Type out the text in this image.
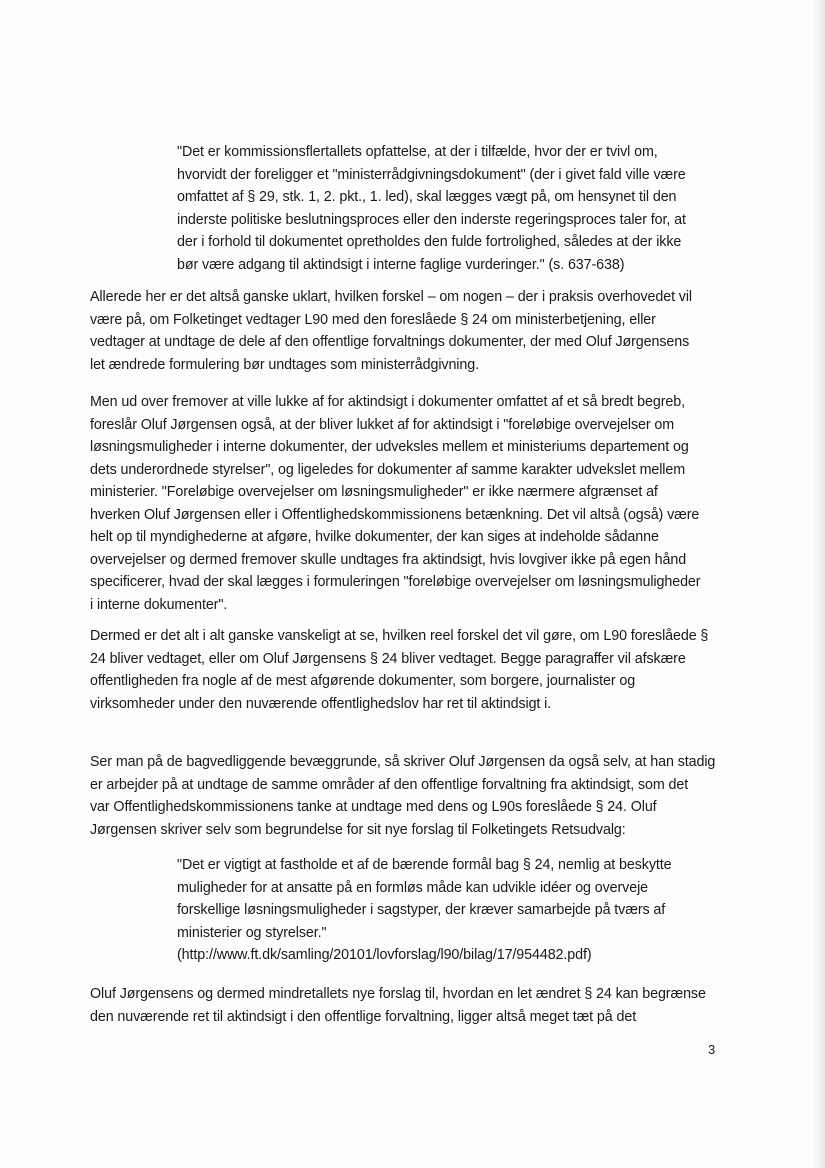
"Det er kommissionsflertallets opfattelse, at der i tilfælde, hvor der er tvivl om,
hvorvidt der foreligger et "ministerrådgivningsdokument" (der i givet fald ville være
omfattet af § 29, stk. 1, 2. pkt., 1. led), skal lægges vægt på, om hensynet til den
inderste politiske beslutningsproces eller den inderste regeringsproces taler for, at
der i forhold til dokumentet opretholdes den fulde fortrolighed, således at der ikke
bør være adgang til aktindsigt i interne faglige vurderinger." (s. 637-638)

Allerede her er det altså ganske uklart, hvilken forskel – om nogen – der i praksis overhovedet vil
være på, om Folketinget vedtager L90 med den foreslåede § 24 om ministerbetjening, eller
vedtager at undtage de dele af den offentlige forvaltnings dokumenter, der med Oluf Jørgensens
let ændrede formulering bør undtages som ministerrådgivning.

Men ud over fremover at ville lukke af for aktindsigt i dokumenter omfattet af et så bredt begreb,
foreslår Oluf Jørgensen også, at der bliver lukket af for aktindsigt i "foreløbige overvejelser om
løsningsmuligheder i interne dokumenter, der udveksles mellem et ministeriums departement og
dets underordnede styrelser", og ligeledes for dokumenter af samme karakter udvekslet mellem
ministerier. "Foreløbige overvejelser om løsningsmuligheder" er ikke nærmere afgrænset af
hverken Oluf Jørgensen eller i Offentlighedskommissionens betænkning. Det vil altså (også) være
helt op til myndighederne at afgøre, hvilke dokumenter, der kan siges at indeholde sådanne
overvejelser og dermed fremover skulle undtages fra aktindsigt, hvis lovgiver ikke på egen hånd
specificerer, hvad der skal lægges i formuleringen "foreløbige overvejelser om løsningsmuligheder
i interne dokumenter".

Dermed er det alt i alt ganske vanskeligt at se, hvilken reel forskel det vil gøre, om L90 foreslåede §
24 bliver vedtaget, eller om Oluf Jørgensens § 24 bliver vedtaget. Begge paragraffer vil afskære
offentligheden fra nogle af de mest afgørende dokumenter, som borgere, journalister og
virksomheder under den nuværende offentlighedslov har ret til aktindsigt i.

Ser man på de bagvedliggende bevæggrunde, så skriver Oluf Jørgensen da også selv, at han stadig
er arbejder på at undtage de samme områder af den offentlige forvaltning fra aktindsigt, som det
var Offentlighedskommissionens tanke at undtage med dens og L90s foreslåede § 24. Oluf
Jørgensen skriver selv som begrundelse for sit nye forslag til Folketingets Retsudvalg:

"Det er vigtigt at fastholde et af de bærende formål bag § 24, nemlig at beskytte
muligheder for at ansatte på en formløs måde kan udvikle idéer og overveje
forskellige løsningsmuligheder i sagstyper, der kræver samarbejde på tværs af
ministerier og styrelser."
(http://www.ft.dk/samling/20101/lovforslag/l90/bilag/17/954482.pdf)

Oluf Jørgensens og dermed mindretallets nye forslag til, hvordan en let ændret § 24 kan begrænse
den nuværende ret til aktindsigt i den offentlige forvaltning, ligger altså meget tæt på det

3
